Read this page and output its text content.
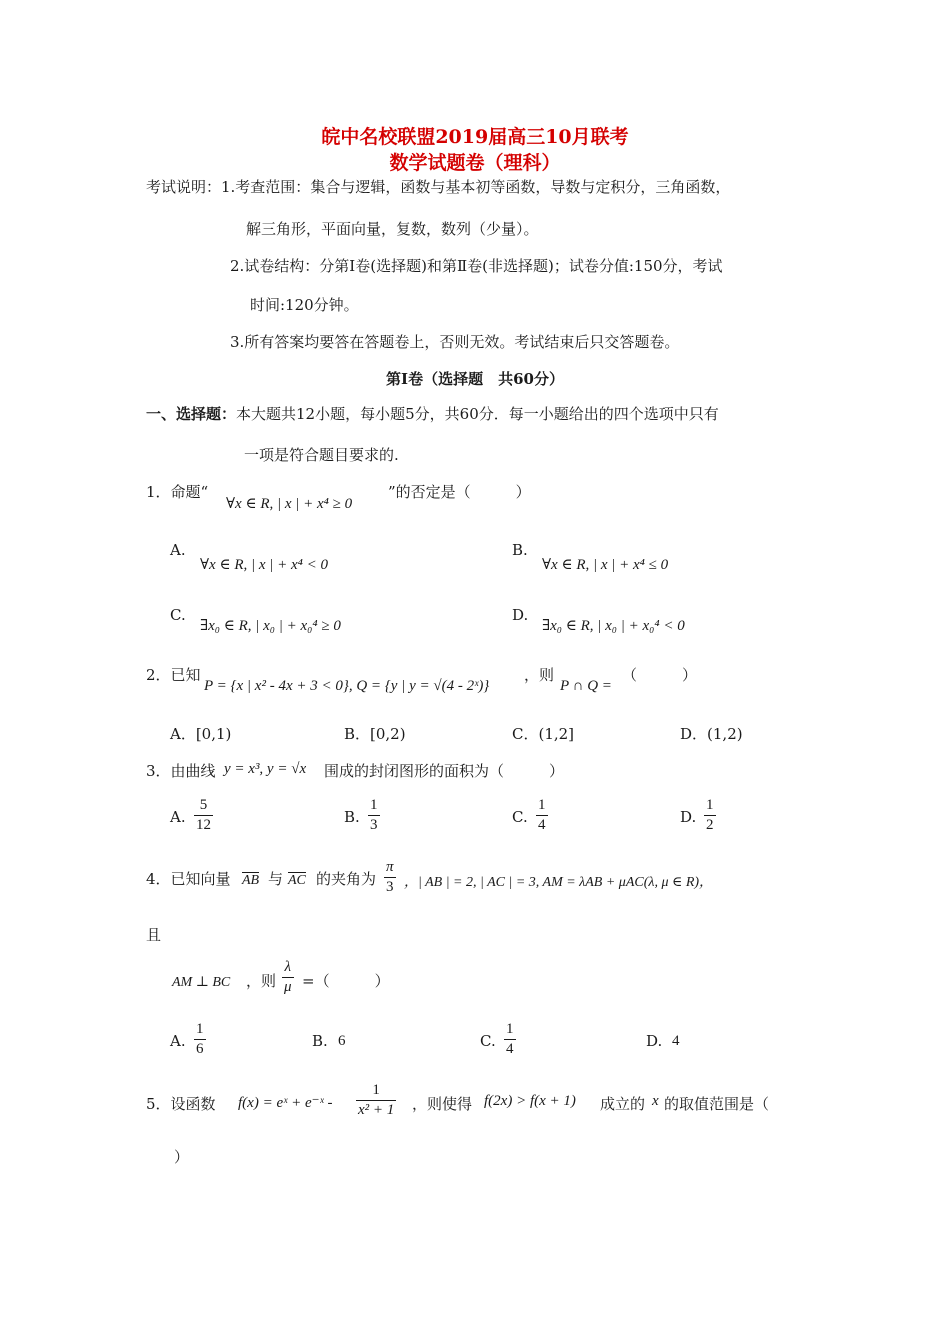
皖中名校联盟2019届高三10月联考
数学试题卷（理科）
考试说明：1.考查范围：集合与逻辑，函数与基本初等函数，导数与定积分，三角函数，
解三角形，平面向量，复数，数列（少量）。
2.试卷结构：分第Ⅰ卷(选择题)和第Ⅱ卷(非选择题)；试卷分值:150分，考试
时间:120分钟。
3.所有答案均要答在答题卷上，否则无效。考试结束后只交答题卷。
第Ⅰ卷（选择题　共60分）
一、选择题：本大题共12小题，每小题5分，共60分．每一小题给出的四个选项中只有
一项是符合题目要求的.
1．命题“
∀x ∈ R, | x | + x⁴ ≥ 0
”的否定是（　　　）
A.
∀x ∈ R, | x | + x⁴ < 0
B.
∀x ∈ R, | x | + x⁴ ≤ 0
C.
∃x₀ ∈ R, | x₀ | + x₀⁴ ≥ 0
D.
∃x₀ ∈ R, | x₀ | + x₀⁴ < 0
2．已知
P = {x | x² - 4x + 3 < 0}, Q = {y | y = √(4 - 2ˣ)}
，则
P ∩ Q =
（　　　）
A．[0,1)	B．[0,2)	C．(1,2]	D．(1,2)
3．由曲线 y = x³, y = √x 围成的封闭图形的面积为（　　　）
A. $\frac{5}{12}$	B. $\frac{1}{3}$	C. $\frac{1}{4}$	D. $\frac{1}{2}$
4．已知向量 AB 与 AC 的夹角为 $\frac{\pi}{3}$ ，| AB | = 2, | AC | = 3, AM = λAB + μAC(λ, μ ∈ R)，
且
AM ⊥ BC ，则 $\frac{\lambda}{\mu}$ =（　　　）
A. $\frac{1}{6}$	B. 6	C. $\frac{1}{4}$	D. 4
5．设函数 f(x) = eˣ + e⁻ˣ - $\frac{1}{\text{x² + 1}}$ ，则使得 f(2x) > f(x + 1) 成立的 x 的取值范围是（
）
